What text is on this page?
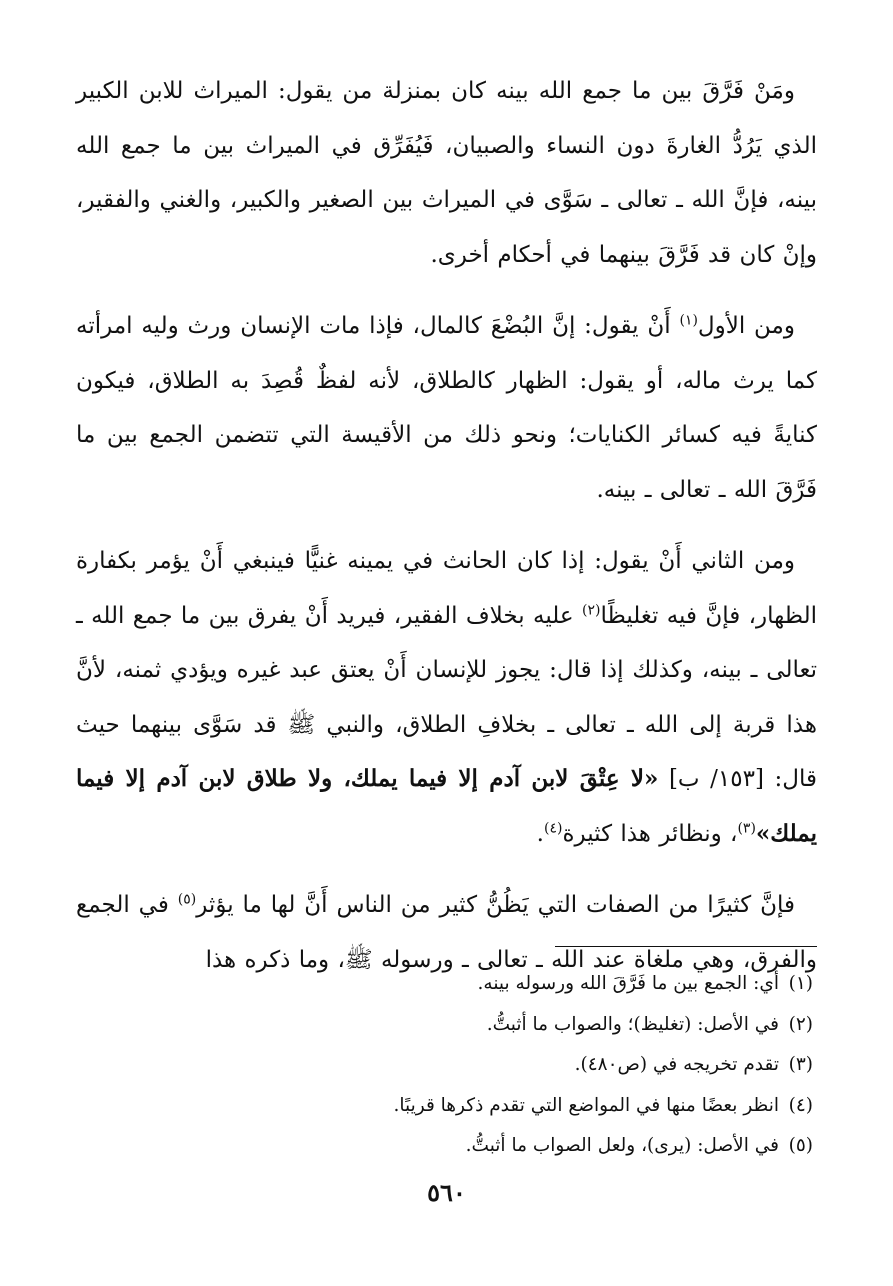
ومَنْ فَرَّقَ بين ما جمع الله بينه كان بمنزلة من يقول: الميراث للابن الكبير الذي يَرُدُّ الغارةَ دون النساء والصبيان، فَيُفَرِّق في الميراث بين ما جمع الله بينه، فإنَّ الله ـ تعالى ـ سَوَّى في الميراث بين الصغير والكبير، والغني والفقير، وإنْ كان قد فَرَّقَ بينهما في أحكام أخرى.

ومن الأول$^{(١)}$ أَنْ يقول: إنَّ البُضْعَ كالمال، فإذا مات الإنسان ورث وليه امرأته كما يرث ماله، أو يقول: الظهار كالطلاق، لأنه لفظٌ قُصِدَ به الطلاق، فيكون كنايةً فيه كسائر الكنايات؛ ونحو ذلك من الأقيسة التي تتضمن الجمع بين ما فَرَّقَ الله ـ تعالى ـ بينه.

ومن الثاني أَنْ يقول: إذا كان الحانث في يمينه غنيًّا فينبغي أَنْ يؤمر بكفارة الظهار، فإنَّ فيه تغليظًا$^{(٢)}$ عليه بخلاف الفقير، فيريد أَنْ يفرق بين ما جمع الله ـ تعالى ـ بينه، وكذلك إذا قال: يجوز للإنسان أَنْ يعتق عبد غيره ويؤدي ثمنه، لأنَّ هذا قربة إلى الله ـ تعالى ـ بخلافِ الطلاق، والنبي ﷺ قد سَوَّى بينهما حيث قال: [١٥٣/ ب] «لا عِتْقَ لابن آدم إلا فيما يملك، ولا طلاق لابن آدم إلا فيما يملك»$^{(٣)}$، ونظائر هذا كثيرة$^{(٤)}$.

فإنَّ كثيرًا من الصفات التي يَظُنُّ كثير من الناس أَنَّ لها ما يؤثر$^{(٥)}$ في الجمع والفرق، وهي ملغاة عند الله ـ تعالى ـ ورسوله ﷺ، وما ذكره هذا

(١)أي: الجمع بين ما فَرَّقَ الله ورسوله بينه.
(٢)في الأصل: (تغليظ)؛ والصواب ما أثبتُّ.
(٣)تقدم تخريجه في (ص٤٨٠).
(٤)انظر بعضًا منها في المواضع التي تقدم ذكرها قريبًا.
(٥)في الأصل: (يرى)، ولعل الصواب ما أثبتُّ.
٥٦٠
